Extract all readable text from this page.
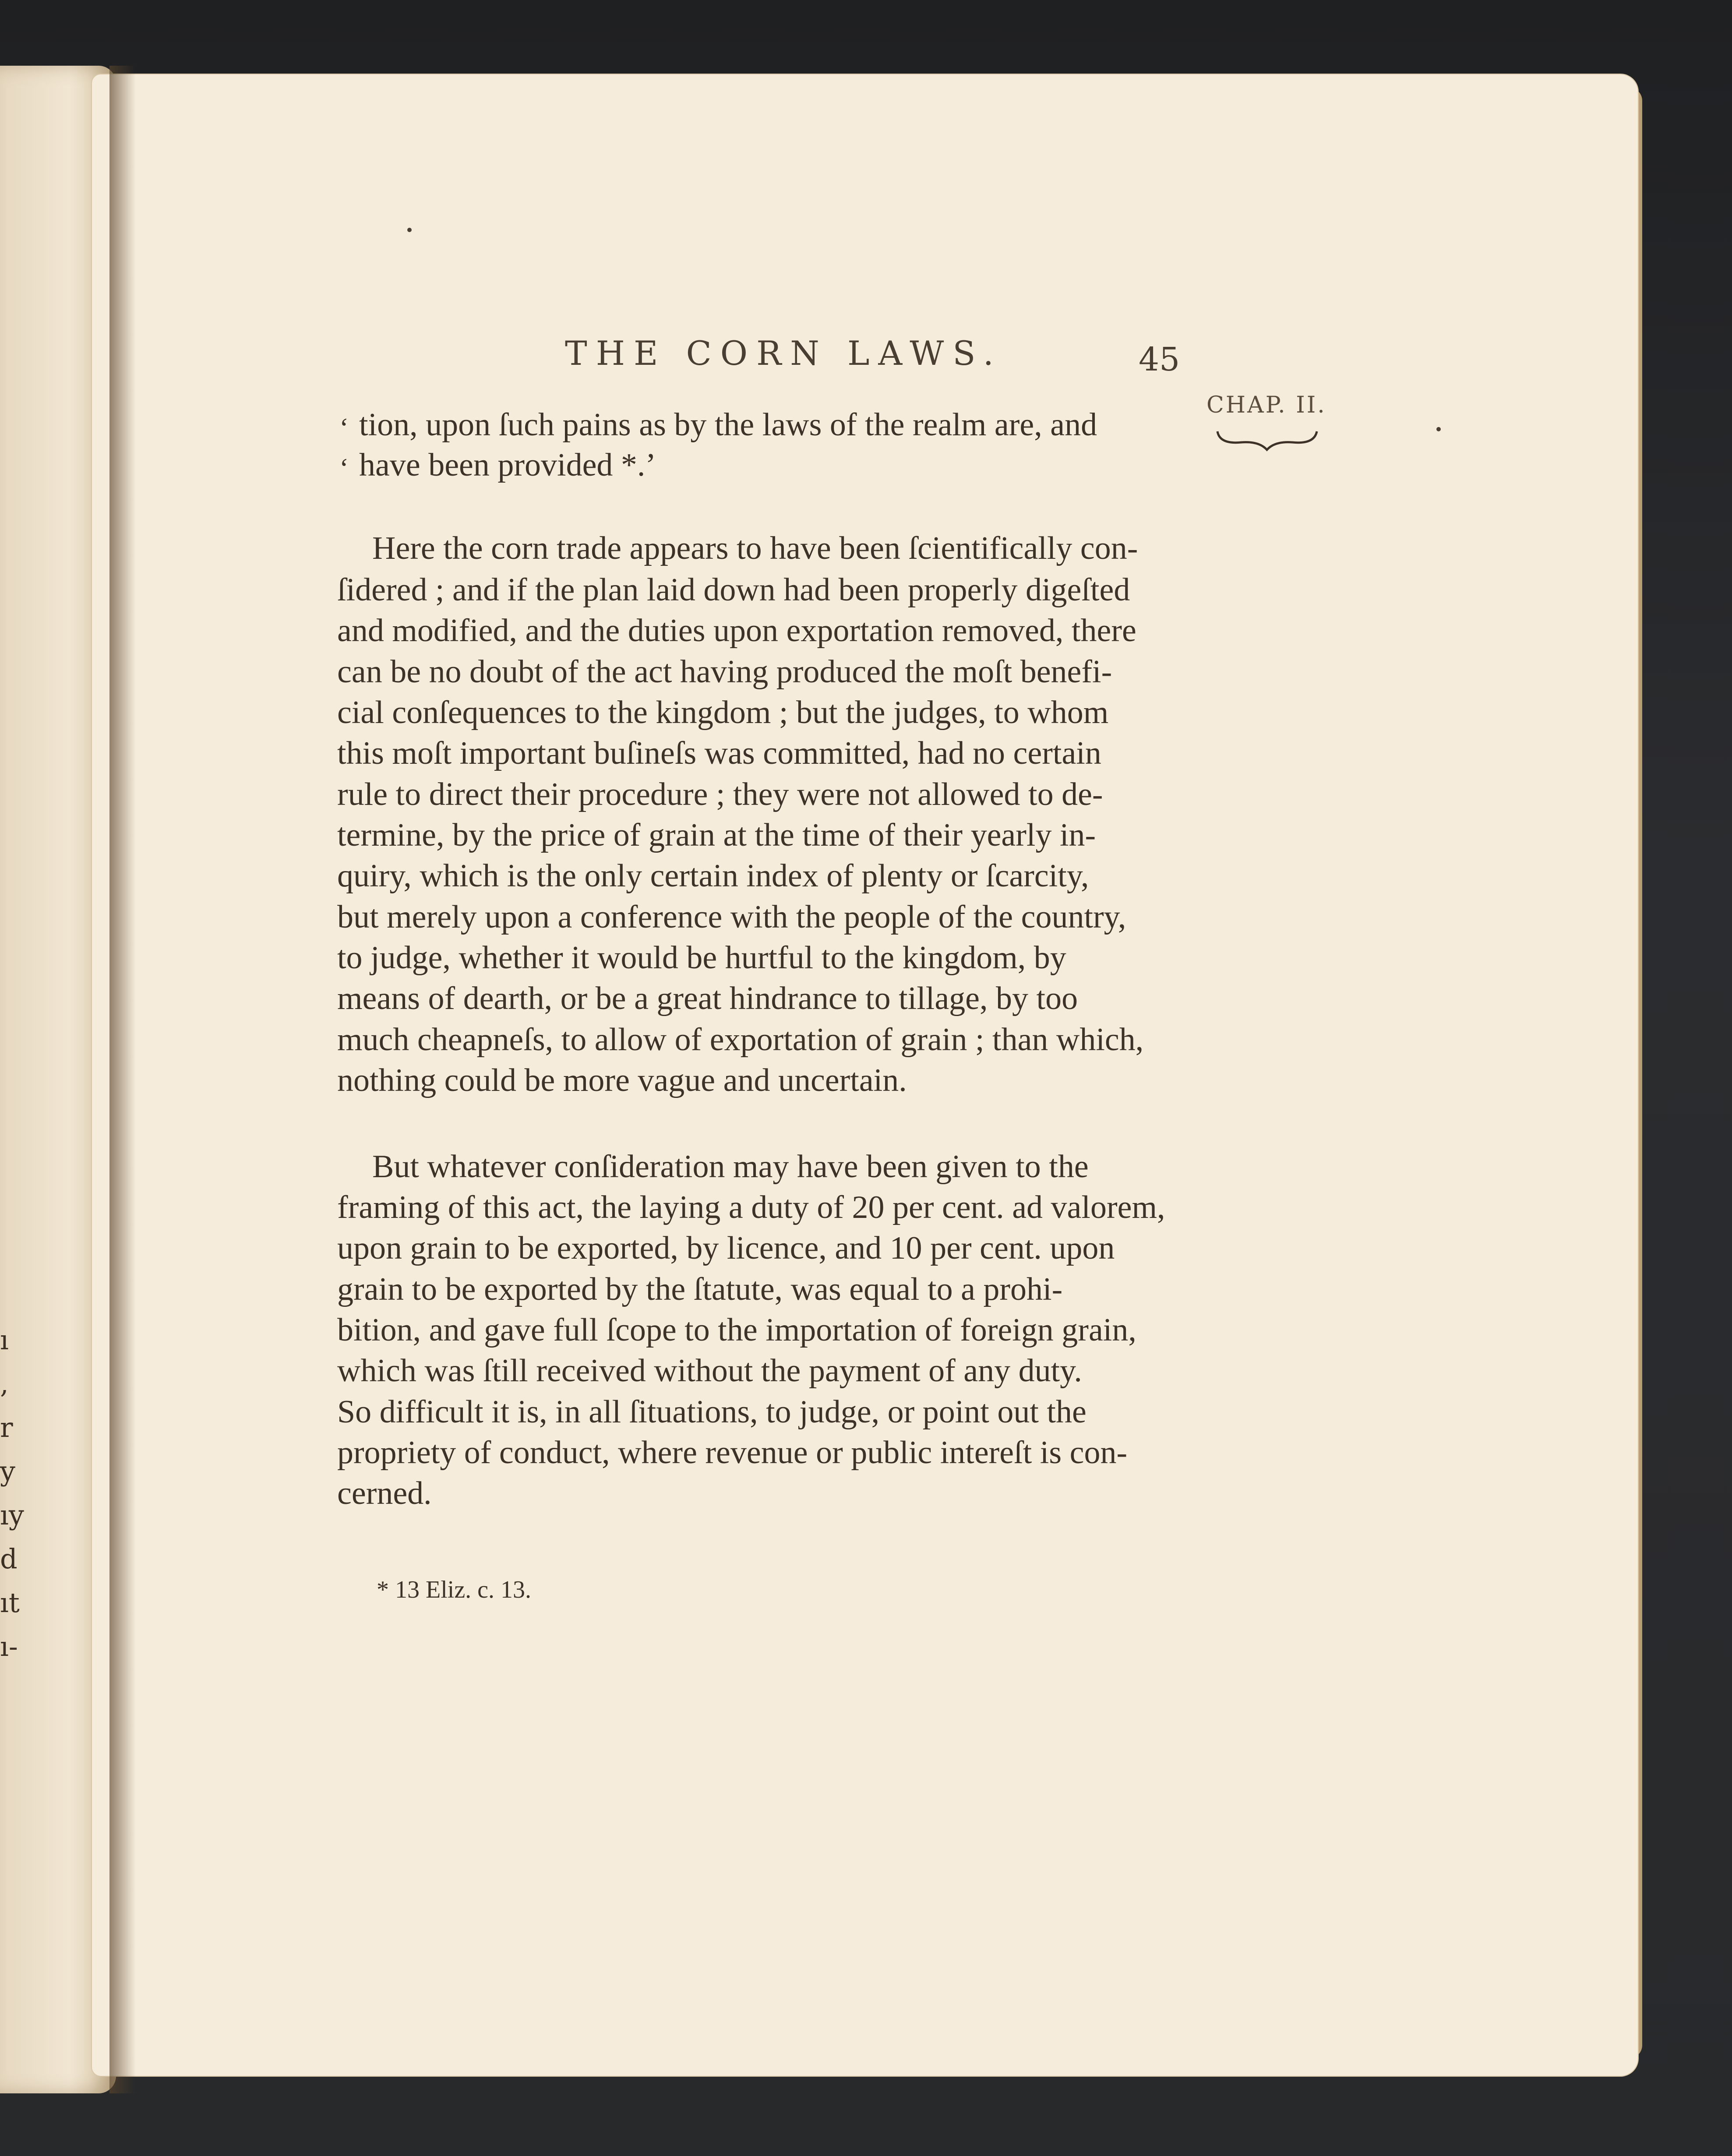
ı
,
r
y
ıy
d
ıt
ı-
THE CORN LAWS.	45
CHAP. II.
‘ tion, upon ſuch pains as by the laws of the realm are, and
‘ have been provided *.’
Here the corn trade appears to have been ſcientifically con-
ſidered ; and if the plan laid down had been properly digeſted
and modified, and the duties upon exportation removed, there
can be no doubt of the act having produced the moſt benefi-
cial conſequences to the kingdom ; but the judges, to whom
this moſt important buſineſs was committed, had no certain
rule to direct their procedure ; they were not allowed to de-
termine, by the price of grain at the time of their yearly in-
quiry, which is the only certain index of plenty or ſcarcity,
but merely upon a conference with the people of the country,
to judge, whether it would be hurtful to the kingdom, by
means of dearth, or be a great hindrance to tillage, by too
much cheapneſs, to allow of exportation of grain ; than which,
nothing could be more vague and uncertain.
But whatever conſideration may have been given to the
framing of this act, the laying a duty of 20 per cent. ad valorem,
upon grain to be exported, by licence, and 10 per cent. upon
grain to be exported by the ſtatute, was equal to a prohi-
bition, and gave full ſcope to the importation of foreign grain,
which was ſtill received without the payment of any duty.
So difficult it is, in all ſituations, to judge, or point out the
propriety of conduct, where revenue or public intereſt is con-
cerned.
* 13 Eliz. c. 13.
